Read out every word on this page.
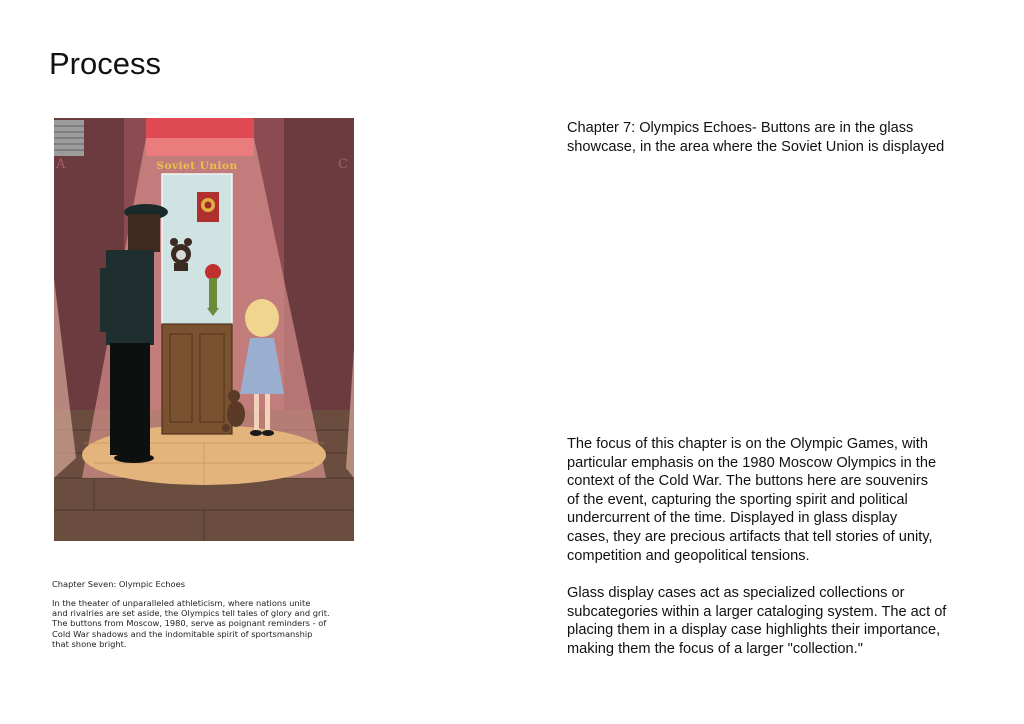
Process
A	C
Soviet Union

Chapter Seven: Olympic Echoes

In the theater of unparalleled athleticism, where nations unite
and rivalries are set aside, the Olympics tell tales of glory and grit.
The buttons from Moscow, 1980, serve as poignant reminders - of
Cold War shadows and the indomitable spirit of sportsmanship
that shone bright.

Chapter 7: Olympics Echoes- Buttons are in the glass
showcase, in the area where the Soviet Union is displayed

The focus of this chapter is on the Olympic Games, with
particular emphasis on the 1980 Moscow Olympics in the
context of the Cold War. The buttons here are souvenirs
of the event, capturing the sporting spirit and political
undercurrent of the time. Displayed in glass display
cases, they are precious artifacts that tell stories of unity,
competition and geopolitical tensions.

Glass display cases act as specialized collections or
subcategories within a larger cataloging system. The act of
placing them in a display case highlights their importance,
making them the focus of a larger "collection."
